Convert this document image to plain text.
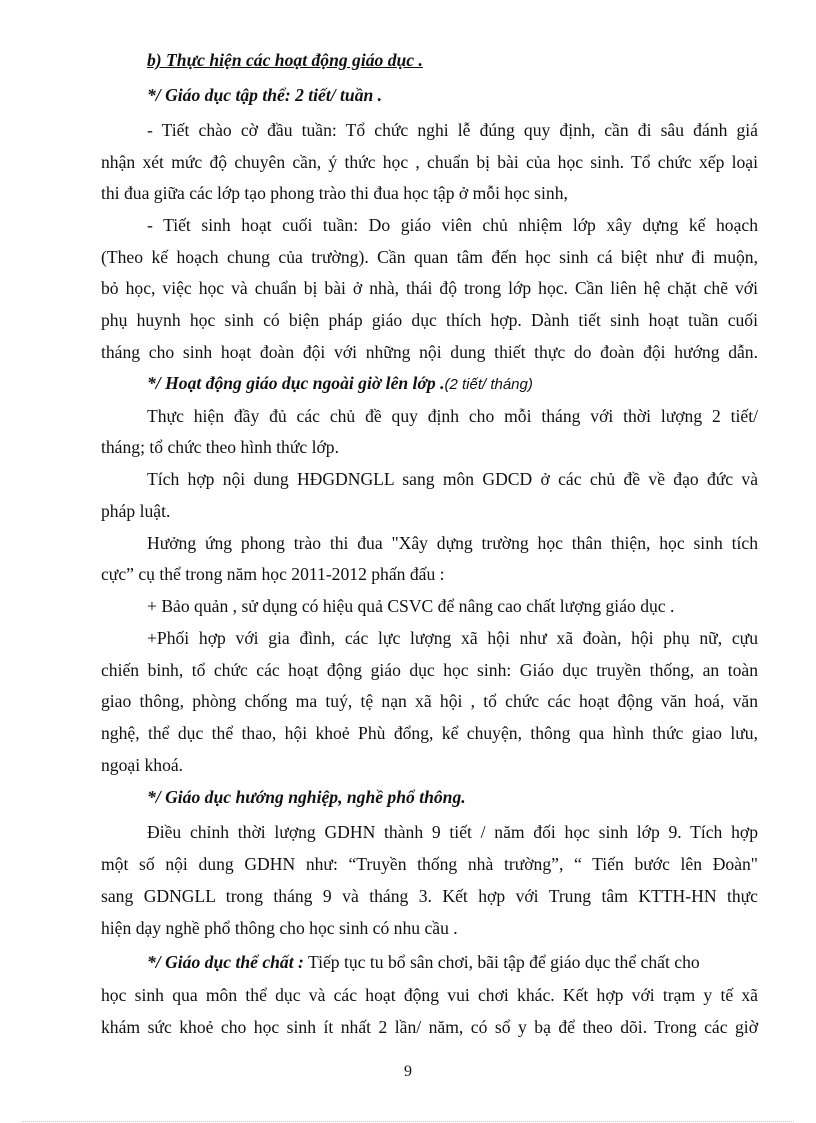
b) Thực hiện các hoạt động giáo dục .
*/ Giáo dục tập thể: 2 tiết/ tuần .
- Tiết chào cờ đầu tuần: Tổ chức nghi lễ đúng quy định, cần đi sâu đánh giá
nhận xét mức độ chuyên cần, ý thức học , chuẩn bị bài của học sinh. Tổ chức xếp loại
thi đua giữa các lớp tạo phong trào thi đua học tập ở mỗi học sinh,
- Tiết sinh hoạt cuối tuần: Do giáo viên chủ nhiệm lớp xây dựng kế hoạch
(Theo kế hoạch chung của trường). Cần quan tâm đến học sinh cá biệt như đi muộn,
bỏ học, việc học và chuẩn bị bài ở nhà, thái độ trong lớp học. Cần liên hệ chặt chẽ với
phụ huynh học sinh có biện pháp giáo dục thích hợp. Dành tiết sinh hoạt tuần cuối
tháng cho sinh hoạt đoàn đội với những nội dung thiết thực do đoàn đội hướng dẫn.
*/ Hoạt động giáo dục ngoài giờ lên lớp .(2 tiết/ tháng)
Thực hiện đầy đủ các chủ đề quy định cho mỗi tháng với thời lượng 2 tiết/
tháng; tổ chức theo hình thức lớp.
Tích hợp nội dung HĐGDNGLL sang môn GDCD ở các chủ đề về đạo đức và
pháp luật.
Hưởng ứng phong trào thi đua "Xây dựng trường học thân thiện, học sinh tích
cực” cụ thể trong năm học 2011-2012 phấn đấu :
+ Bảo quản , sử dụng có hiệu quả CSVC để nâng cao chất lượng giáo dục .
+Phối hợp với gia đình, các lực lượng xã hội như xã đoàn, hội phụ nữ, cựu
chiến binh, tổ chức các hoạt động giáo dục học sinh: Giáo dục truyền thống, an toàn
giao thông, phòng chống ma tuý, tệ nạn xã hội , tổ chức các hoạt động văn hoá, văn
nghệ, thể dục thể thao, hội khoẻ Phù đổng, kể chuyện, thông qua hình thức giao lưu,
ngoại khoá.
*/ Giáo dục hướng nghiệp, nghề phổ thông.
Điều chỉnh thời lượng GDHN thành 9 tiết / năm đối học sinh lớp 9. Tích hợp
một số nội dung GDHN như: “Truyền thống nhà trường”, “ Tiến bước lên Đoàn"
sang GDNGLL trong tháng 9 và tháng 3. Kết hợp với Trung tâm KTTH-HN thực
hiện dạy nghề phổ thông cho học sinh có nhu cầu .
*/ Giáo dục thể chất : Tiếp tục tu bổ sân chơi, bãi tập để giáo dục thể chất cho
học sinh qua môn thể dục và các hoạt động vui chơi khác. Kết hợp với trạm y tế xã
khám sức khoẻ cho học sinh ít nhất 2 lần/ năm, có sổ y bạ để theo dõi. Trong các giờ
9
